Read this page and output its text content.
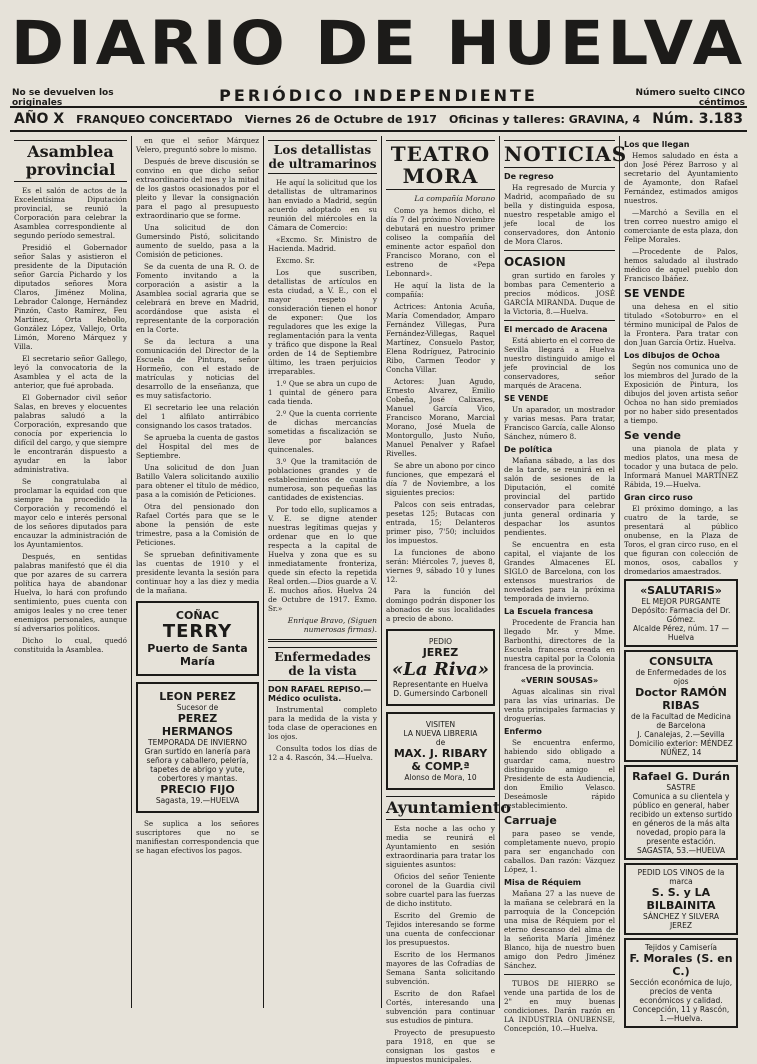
DIARIO DE HUELVA
No se devuelven los originales	PERIÓDICO INDEPENDIENTE	Número suelto CINCO céntimos
AÑO X FRANQUEO CONCERTADO Viernes 26 de Octubre de 1917 Oficinas y talleres: GRAVINA, 4 Núm. 3.183
Asamblea provincial

Es el salón de actos de la Excelentísima Diputación provincial, se reunió la Corporación para celebrar la Asamblea correspondiente al segundo período semestral.

Presidió el Gobernador señor Salas y asistieron el presidente de la Diputación señor García Pichardo y los diputados señores Mora Claros, Jiménez Molina, Lebrador Calonge, Hernández Pinzón, Casto Ramírez, Feu Martínez, Orta Rebollo, González López, Vallejo, Orta Limón, Moreno Márquez y Villa.

El secretario señor Gallego, leyó la convocatoria de la Asamblea y el acta de la anterior, que fué aprobada.

El Gobernador civil señor Salas, en breves y elocuentes palabras saludó a la Corporación, expresando que conocía por experiencia lo difícil del cargo, y que siempre le encontrarán dispuesto a ayudar en la labor administrativa.

Se congratulaba al proclamar la equidad con que siempre ha procedido la Corporación y recomendó el mayor celo e interés personal de los señores diputados para encauzar la administración de los Ayuntamientos.

Después, en sentidas palabras manifestó que él dia que por azares de su carrera política haya de abandonar Huelva, lo hará con profundo sentimiento, pues cuenta con amigos leales y no cree tener enemigos personales, aunque sí adversarios políticos.

Dicho lo cual, quedó constituida la Asamblea.

en que el señor Márquez Velero, preguntó sobre lo mismo.

Después de breve discusión se convino en que dicho señor extraordinario del mes y la mitad de los gastos ocasionados por el pleito y llevar la consignación para el pago al presupuesto extraordinario que se forme.

Una solicitud de don Gumersindo Pistó, solicitando aumento de sueldo, pasa a la Comisión de peticiones.

Se da cuenta de una R. O. de Fomento invitando a la corporación a asistir a la Asamblea social agraria que se celebrará en breve en Madrid, acordándose que asista el representante de la corporación en la Corte.

Se da lectura a una comunicación del Director de la Escuela de Pintura, señor Hormeño, con el estado de matrículas y noticias del desarrollo de la enseñanza, que es muy satisfactorio.

El secretario lee una relación del 1 alfilato antirrábico consignando los casos tratados.

Se aprueba la cuenta de gastos del Hospital del mes de Septiembre.

Una solicitud de don Juan Batillo Valera solicitando auxilio para obtener el título de médico, pasa a la comisión de Peticiones.

Otra del pensionado don Rafael Cortés para que se le abone la pensión de este trimestre, pasa a la Comisión de Peticiones.

Se sprueban definitivamente las cuentas de 1910 y el presidente levanta la sesión para continuar hoy a las diez y media de la mañana.

COÑAC
TERRY
Puerto de Santa María
LEON PEREZ
Sucesor de
PEREZ HERMANOS
TEMPORADA DE INVIERNO
Gran surtido en lanería para señora y caballero, pelería, tapetes de abrigo y yute, cobertores y mantas.
PRECIO FIJO
Sagasta, 19.—HUELVA

Se suplica a los señores suscriptores que no se manifiestan correspondencia que se hagan efectivos los pagos.

Los detallistas de ultramarinos

He aquí la solicitud que los detallistas de ultramarinos han enviado a Madrid, según acuerdo adoptado en su reunión del miércoles en la Cámara de Comercio:

«Excmo. Sr. Ministro de Hacienda. Madrid.

Excmo. Sr.

Los que suscriben, detallistas de artículos en esta ciudad, a V. E., con el mayor respeto y consideración tienen el honor de exponer: Que los reguladores que les exige la reglamentación para la venta y tráfico que dispone la Real orden de 14 de Septiembre último, les traen perjuicios irreparables.

1.º Que se abra un cupo de 1 quintal de género para cada tienda.

2.º Que la cuenta corriente de dichas mercancías sometidas a fiscalización se lleve por balances quincenales.

3.º Que la tramitación de poblaciones grandes y de establecimientos de cuantía numerosa, son pequeñas las cantidades de existencias.

Por todo ello, suplicamos a V. E. se digne atender nuestras legítimas quejas y ordenar que en lo que respecta a la capital de Huelva y zona que es su inmediatamente fronteriza, quede sin efecto la repetida Real orden.—Dios guarde a V. E. muchos años. Huelva 24 de Octubre de 1917. Exmo. Sr.»

Enrique Bravo, (Siguen numerosas firmas).

Enfermedades de la vista
DON RAFAEL REPISO.—Médico oculista.

Instrumental completo para la medida de la vista y toda clase de operaciones en los ojos.

Consulta todos los días de 12 a 4. Rascón, 34.—Huelva.

TEATRO MORA
La compañía Morano

Como ya hemos dicho, el día 7 del próximo Noviembre debutará en nuestro primer coliseo la compañía del eminente actor español don Francisco Morano, con el estreno de «Pepa Lebonnard».

He aquí la lista de la compañía:

Actrices: Antonia Acuña, María Comendador, Amparo Fernández Villegas, Pura Fernández-Villegas, Raquel Martínez, Consuelo Pastor, Elena Rodríguez, Patrocinio Ribo, Carmen Teodor y Concha Villar.

Actores: Juan Agudo, Ernesto Alvarez, Emilio Cobeña, José Calixares, Manuel García Vico, Francisco Morano, Marcial Morano, José Muela de Montorgullo, Justo Nuño, Manuel Penalver y Rafael Rivelles.

Se abre un abono por cinco funciones, que empezará el día 7 de Noviembre, a los siguientes precios:

Palcos con seis entradas, pesetas 125; Butacas con entrada, 15; Delanteros primer piso, 7'50; incluidos los impuestos.

La funciones de abono serán: Miércoles 7, jueves 8, viernes 9, sábado 10 y lunes 12.

Para la función del domingo podrán disponer los abonados de sus localidades a precio de abono.

PEDIO
JEREZ
«La Riva»
Representante en Huelva
D. Gumersindo Carbonell
VISITEN
LA NUEVA LIBRERIA
de
MAX. J. RIBARY & COMP.ª
Alonso de Mora, 10
Ayuntamiento

Esta noche a las ocho y media se reunirá el Ayuntamiento en sesión extraordinaria para tratar los siguientes asuntos:

Oficios del señor Teniente coronel de la Guardia civil sobre cuartel para las fuerzas de dicho instituto.

Escrito del Gremio de Tejidos interesando se forme una cuenta de confeccionar los presupuestos.

Escrito de los Hermanos mayores de las Cofradías de Semana Santa solicitando subvención.

Escrito de don Rafael Cortés, interesando una subvención para continuar sus estudios de pintura.

Proyecto de presupuesto para 1918, en que se consignan los gastos e impuestos municipales.

NOTICIAS
De regreso

Ha regresado de Murcia y Madrid, acompañado de su bella y distinguida esposa, nuestro respetable amigo el jefe local de los conservadores, don Antonio de Mora Claros.

OCASION

gran surtido en faroles y bombas para Cementerio a precios módicos. JOSÉ GARCÍA MIRANDA. Duque de la Victoria, 8.—Huelva.

El mercado de Aracena

Está abierto en el correo de Sevilla llegará a Huelva nuestro distinguido amigo el jefe provincial de los conservadores, señor marqués de Aracena.

SE VENDE

Un aparador, un mostrador y varias mesas. Para tratar, Francisco García, calle Alonso Sánchez, número 8.

De política

Mañana sábado, a las dos de la tarde, se reunirá en el salón de sesiones de la Diputación, el comité provincial del partido conservador para celebrar junta general ordinaria y despachar los asuntos pendientes.

Se encuentra en esta capital, el viajante de los Grandes Almacenes EL SIGLO de Barcelona, con los extensos muestrarios de novedades para la próxima temporada de invierno.

La Escuela francesa

Procedente de Francia han llegado Mr. y Mme. Barbonthi, directores de la Escuela francesa creada en nuestra capital por la Colonia francesa de la provincia.

«VERIN SOUSAS»

Aguas alcalinas sin rival para las vías urinarias. De venta principales farmacias y droguerías.

Enfermo

Se encuentra enfermo, habiendo sido obligado a guardar cama, nuestro distinguido amigo el Presidente de esta Audiencia, don Emilio Velasco. Deseámosle rápido restablecimiento.

Carruaje

para paseo se vende, completamente nuevo, propio para ser enganchado con caballos. Dan razón: Vázquez López, 1.

Misa de Réquiem

Mañana 27 a las nueve de la mañana se celebrará en la parroquia de la Concepción una misa de Réquiem por el eterno descanso del alma de la señorita María Jiménez Blanco, hija de nuestro buen amigo don Pedro Jiménez Sánchez.

TUBOS DE HIERRO se vende una partida de los de 2" en muy buenas condiciones. Darán razón en LA INDUSTRIA ONUBENSE, Concepción, 10.—Huelva.

Los que llegan

Hemos saludado en ésta a don José Pérez Barroso y al secretario del Ayuntamiento de Ayamonte, don Rafael Fernández, estimados amigos nuestros.

—Marchó a Sevilla en el tren correo nuestro amigo el comerciante de esta plaza, don Felipe Morales.

—Procedente de Palos, hemos saludado al ilustrado médico de aquel pueblo don Francisco Ibáñez.

SE VENDE

una dehesa en el sitio titulado «Sotoburro» en el término municipal de Palos de la Frontera. Para tratar con don Juan García Ortiz. Huelva.

Los dibujos de Ochoa

Según nos comunica uno de los miembros del Jurado de la Exposición de Pintura, los dibujos del joven artista señor Ochoa no han sido premiados por no haber sido presentados a tiempo.

Se vende

una pianola de plata y medios platos, una mesa de tocador y una butaca de pelo. Informará Manuel MARTÍNEZ Rábida, 19.—Huelva.

Gran circo ruso

El próximo domingo, a las cuatro de la tarde, se presentará al público onubense, en la Plaza de Toros, el gran circo ruso, en el que figuran con colección de monos, osos, caballos y dromedarios amaestrados.

«SALUTARIS»
EL MEJOR PURGANTE
Depósito: Farmacia del Dr. Gómez.
Alcalde Pérez, núm. 17 — Huelva
CONSULTA
de Enfermedades de los ojos
Doctor RAMÓN RIBAS
de la Facultad de Medicina de Barcelona
J. Canalejas, 2.—Sevilla
Domicilio exterior: MÉNDEZ NÚÑEZ, 14
Rafael G. Durán
SASTRE
Comunica a su clientela y público en general, haber recibido un extenso surtido en géneros de la más alta novedad, propio para la presente estación.
SAGASTA, 53.—HUELVA
PEDID LOS VINOS de la marca
S. S. y LA BILBAINITA
SÁNCHEZ Y SILVERA
JEREZ
Tejidos y Camisería
F. Morales (S. en C.)
Sección económica de lujo, precios de venta económicos y calidad. Concepción, 11 y Rascón, 1.—Huelva.
